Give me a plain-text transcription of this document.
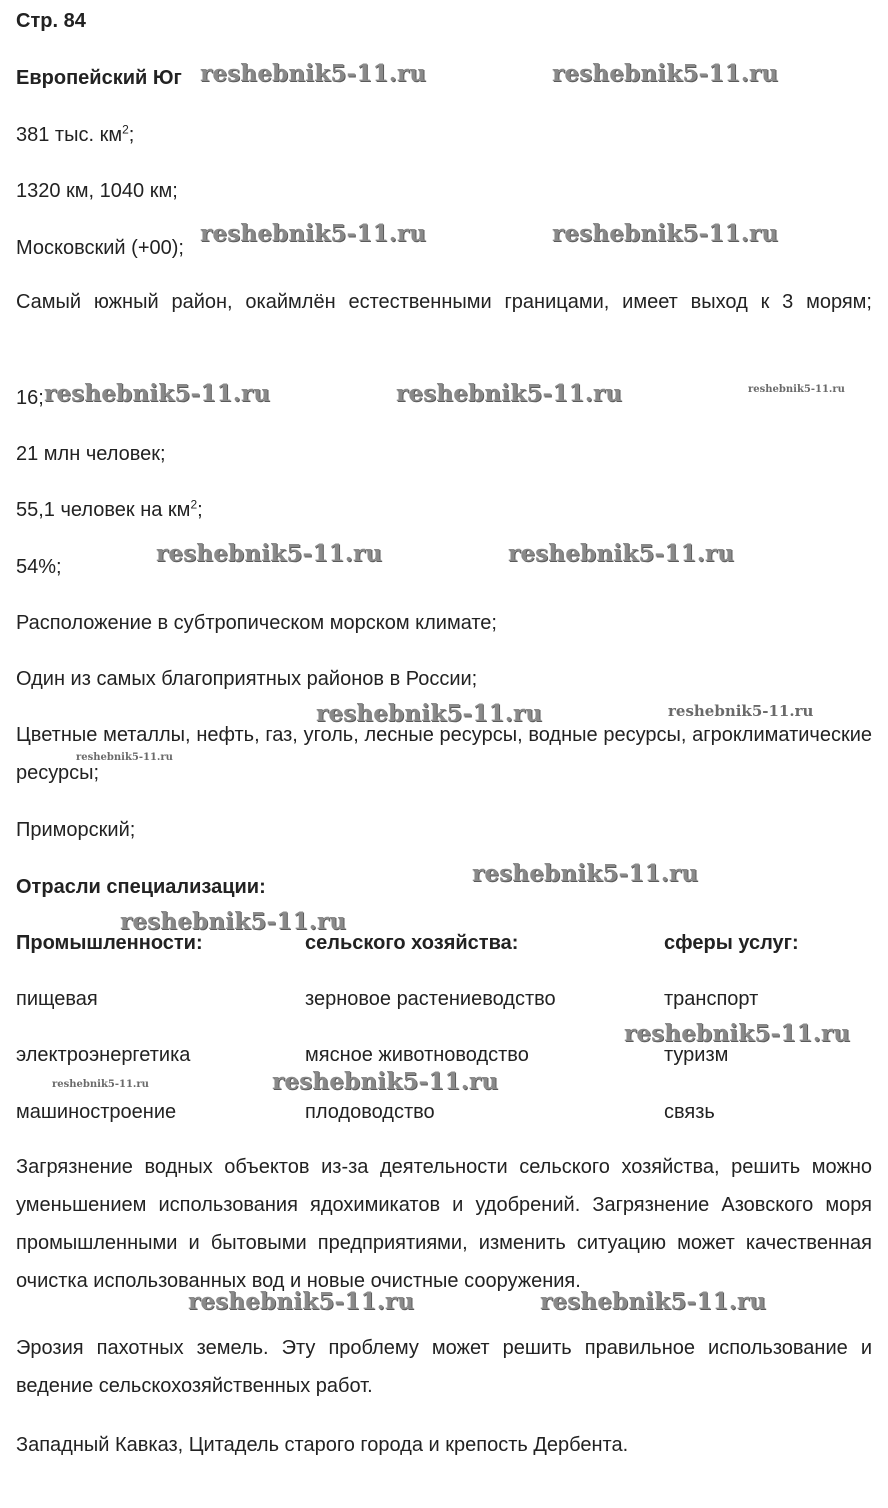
Стр. 84
Европейский Юг
381 тыс. $км^2$;
1320 км, 1040 км;
Московский (+00);
Самый южный район, окаймлён естественными границами, имеет выход к 3 морям;
16;
21 млн человек;
55,1 человек на $км^2$;
54%;
Расположение в субтропическом морском климате;
Один из самых благоприятных районов в России;
Цветные металлы, нефть, газ, уголь, лесные ресурсы, водные ресурсы, агроклиматические ресурсы;
Приморский;
Отрасли специализации:
Промышленности:	сельского хозяйства:	сферы услуг:
пищевая	зерновое растениеводство	транспорт
электроэнергетика	мясное животноводство	туризм
машиностроение	плодоводство	связь
Загрязнение водных объектов из-за деятельности сельского хозяйства, решить можно уменьшением использования ядохимикатов и удобрений. Загрязнение Азовского моря промышленными и бытовыми предприятиями, изменить ситуацию может качественная очистка использованных вод и новые очистные сооружения.
Эрозия пахотных земель. Эту проблему может решить правильное использование и ведение сельскохозяйственных работ.
Западный Кавказ, Цитадель старого города и крепость Дербента.
reshebnik5-11.ru	reshebnik5-11.ru
reshebnik5-11.ru	reshebnik5-11.ru
reshebnik5-11.ru	reshebnik5-11.ru	reshebnik5-11.ru
reshebnik5-11.ru	reshebnik5-11.ru
reshebnik5-11.ru	reshebnik5-11.ru
reshebnik5-11.ru
reshebnik5-11.ru
reshebnik5-11.ru
reshebnik5-11.ru
reshebnik5-11.ru	reshebnik5-11.ru
reshebnik5-11.ru	reshebnik5-11.ru
